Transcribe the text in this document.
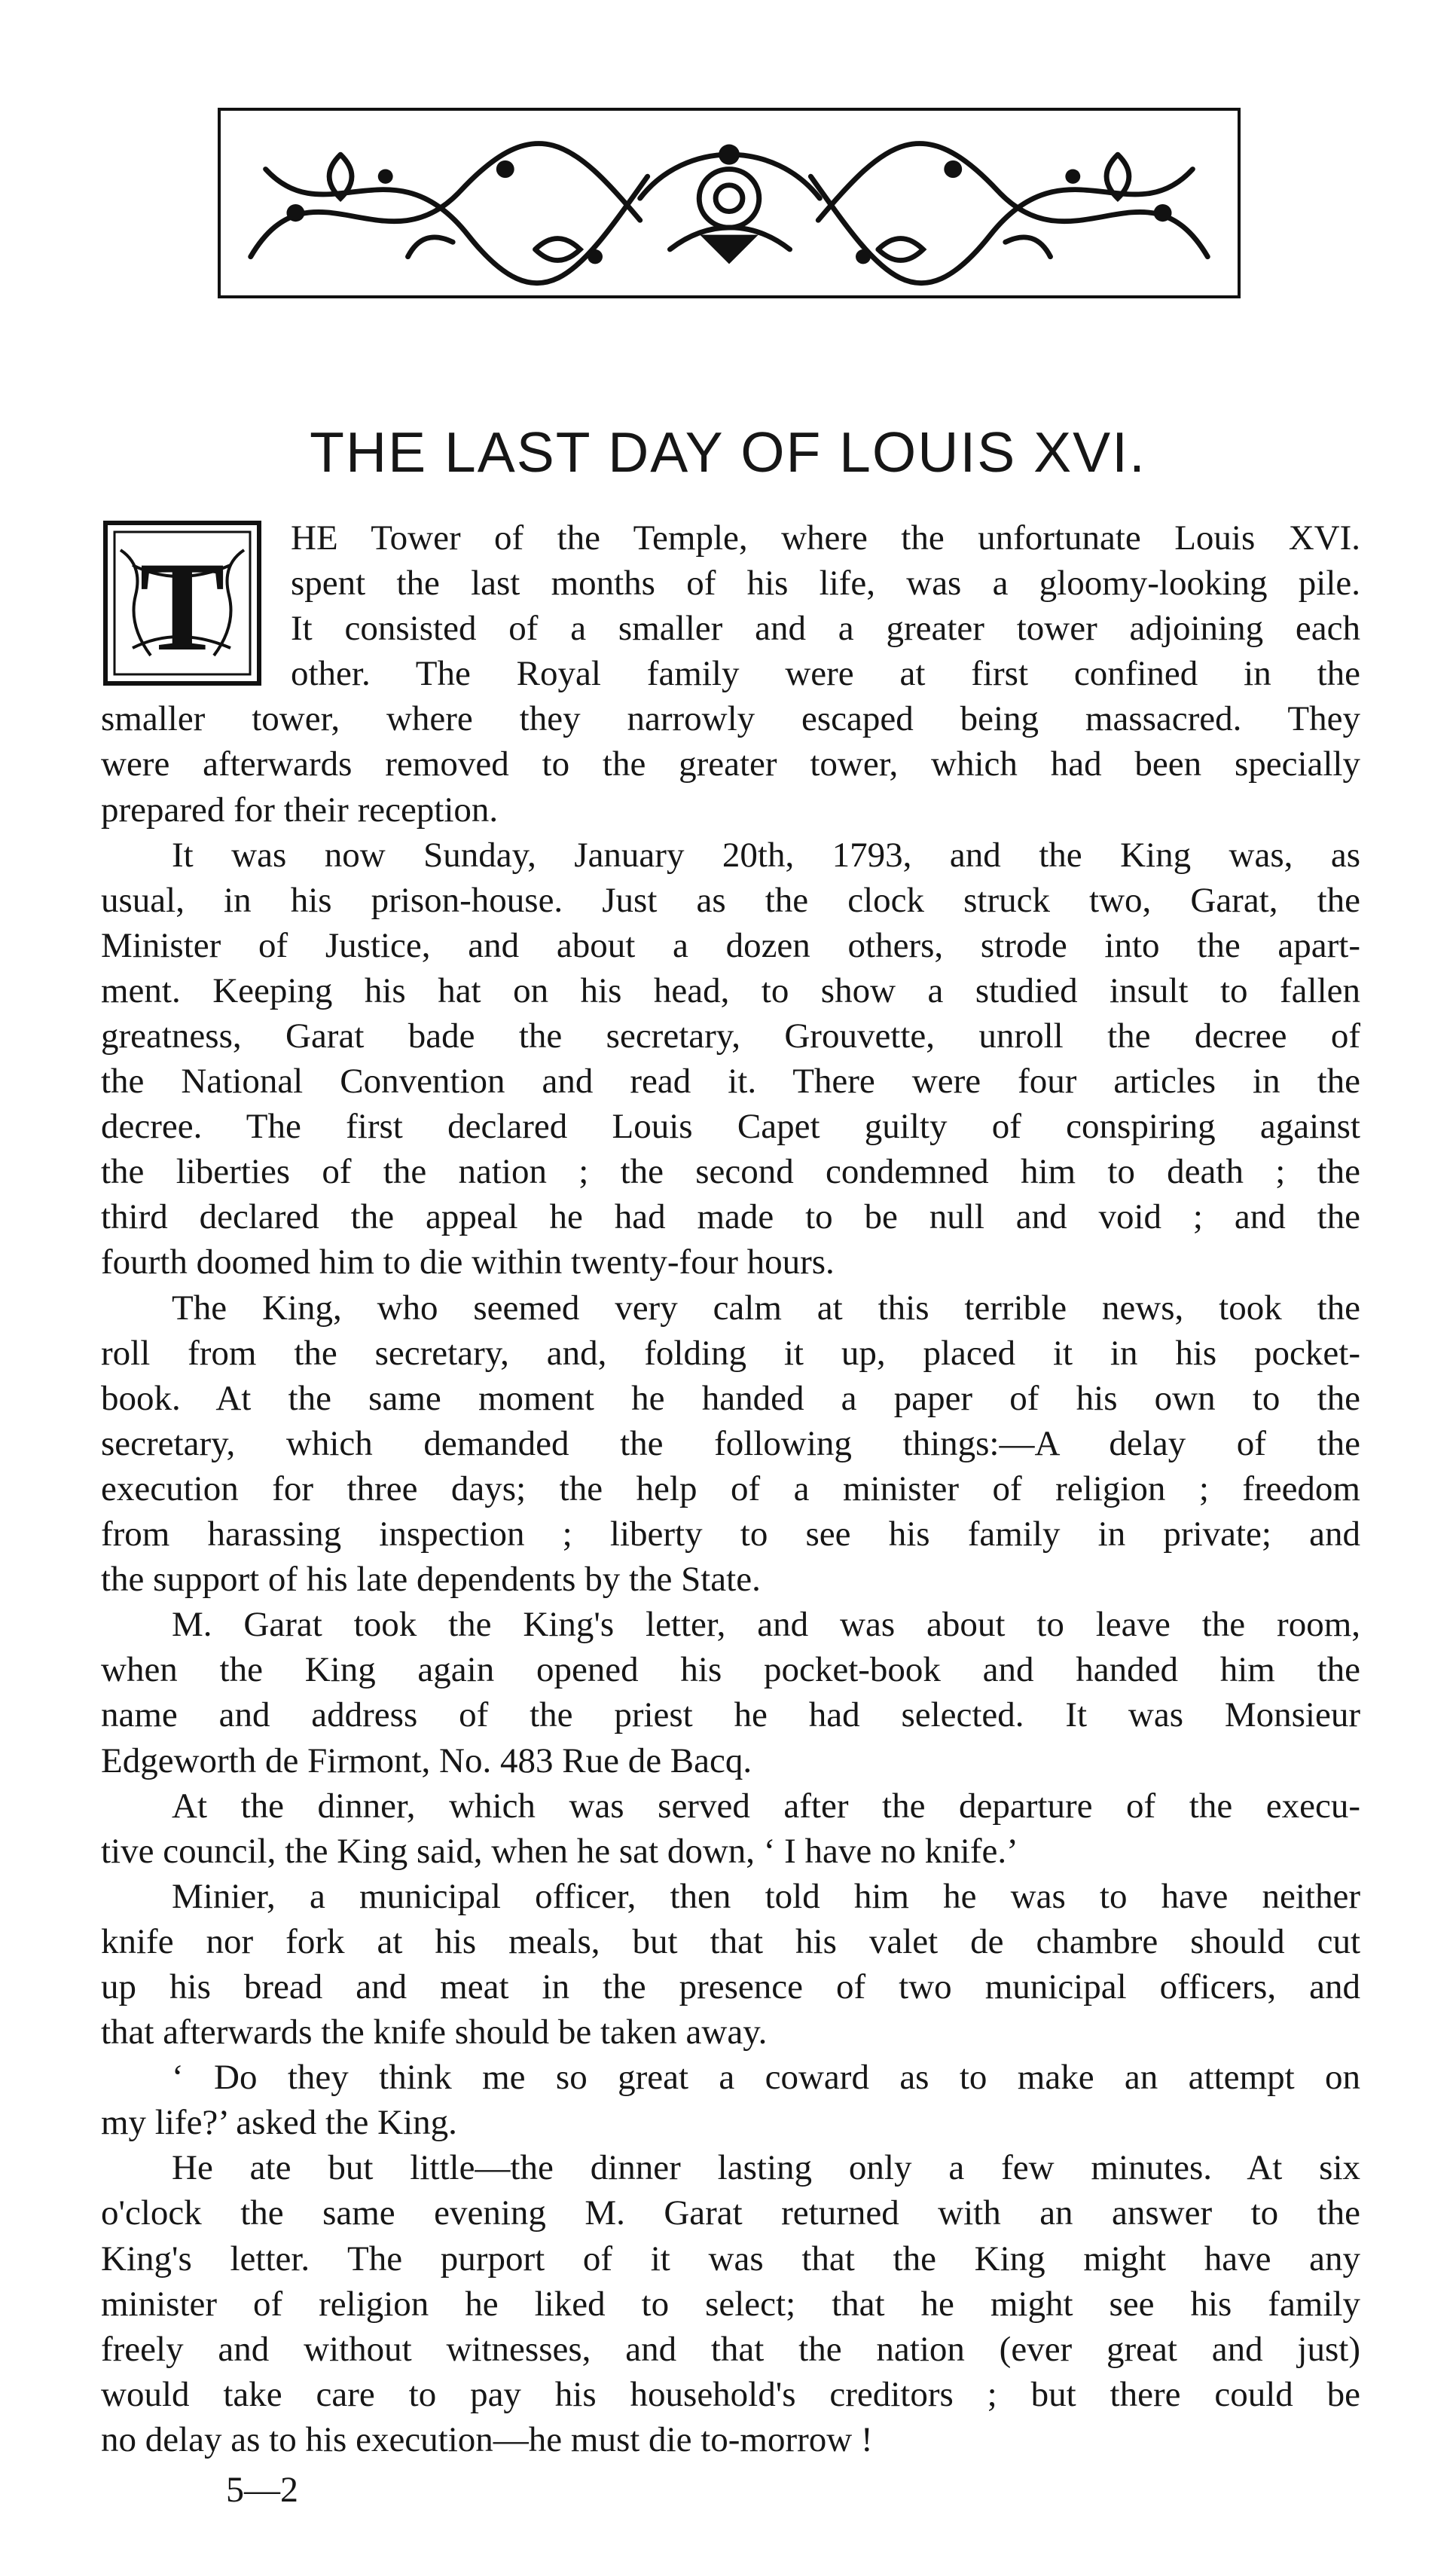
THE LAST DAY OF LOUIS XVI.
T HE Tower of the Temple, where the unfortunate Louis XVI.
spent the last months of his life, was a gloomy-looking pile.
It consisted of a smaller and a greater tower adjoining each
other. The Royal family were at first confined in the
smaller tower, where they narrowly escaped being massacred. They
were afterwards removed to the greater tower, which had been specially
prepared for their reception.
It was now Sunday, January 20th, 1793, and the King was, as
usual, in his prison-house. Just as the clock struck two, Garat, the
Minister of Justice, and about a dozen others, strode into the apart-
ment. Keeping his hat on his head, to show a studied insult to fallen
greatness, Garat bade the secretary, Grouvette, unroll the decree of
the National Convention and read it. There were four articles in the
decree. The first declared Louis Capet guilty of conspiring against
the liberties of the nation ; the second condemned him to death ; the
third declared the appeal he had made to be null and void ; and the
fourth doomed him to die within twenty-four hours.
The King, who seemed very calm at this terrible news, took the
roll from the secretary, and, folding it up, placed it in his pocket-
book. At the same moment he handed a paper of his own to the
secretary, which demanded the following things:—A delay of the
execution for three days; the help of a minister of religion ; freedom
from harassing inspection ; liberty to see his family in private; and
the support of his late dependents by the State.
M. Garat took the King's letter, and was about to leave the room,
when the King again opened his pocket-book and handed him the
name and address of the priest he had selected. It was Monsieur
Edgeworth de Firmont, No. 483 Rue de Bacq.
At the dinner, which was served after the departure of the execu-
tive council, the King said, when he sat down, ‘ I have no knife.’
Minier, a municipal officer, then told him he was to have neither
knife nor fork at his meals, but that his valet de chambre should cut
up his bread and meat in the presence of two municipal officers, and
that afterwards the knife should be taken away.
‘ Do they think me so great a coward as to make an attempt on
my life?’ asked the King.
He ate but little—the dinner lasting only a few minutes. At six
o'clock the same evening M. Garat returned with an answer to the
King's letter. The purport of it was that the King might have any
minister of religion he liked to select; that he might see his family
freely and without witnesses, and that the nation (ever great and just)
would take care to pay his household's creditors ; but there could be
no delay as to his execution—he must die to-morrow !
5—2
